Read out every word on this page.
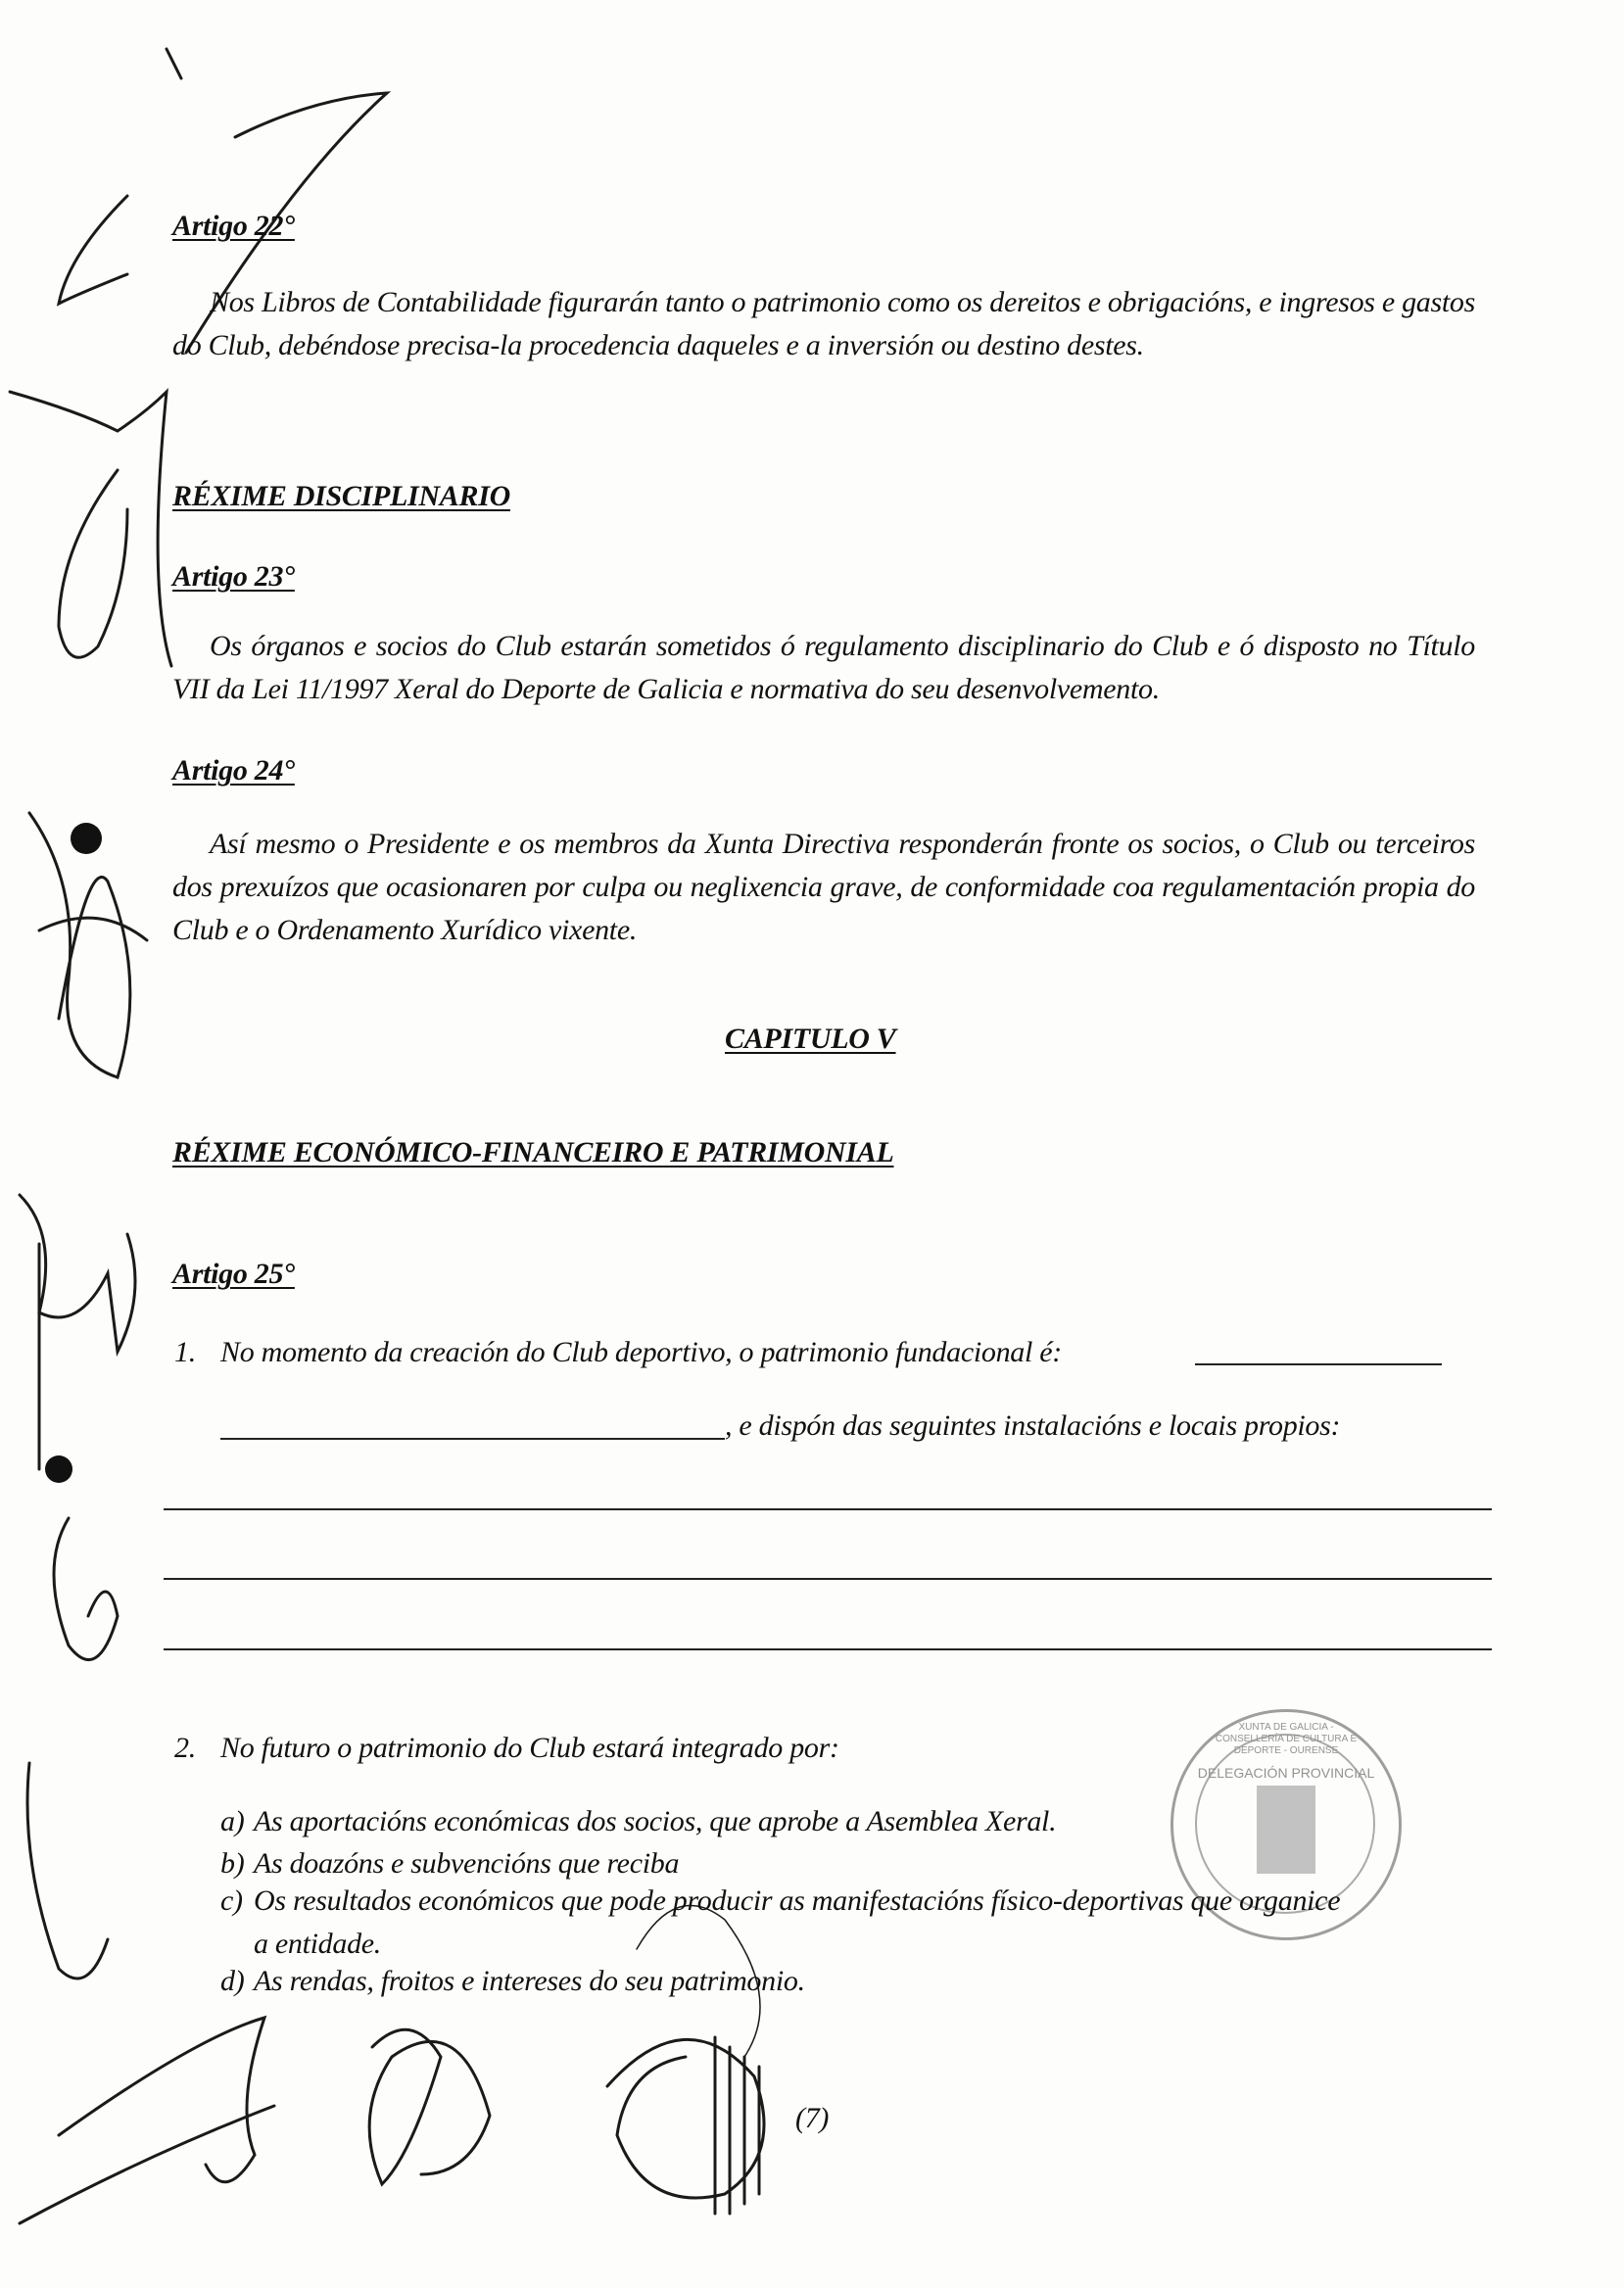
XUNTA DE GALICIA - CONSELLERÍA DE CULTURA E DEPORTE - OURENSE
DELEGACIÓN PROVINCIAL
Artigo 22°
Nos Libros de Contabilidade figurarán tanto o patrimonio como os dereitos e obrigacións, e ingresos e gastos do Club, debéndose precisa-la procedencia daqueles e a inversión ou destino destes.
RÉXIME DISCIPLINARIO
Artigo 23°
Os órganos e socios do Club estarán sometidos ó regulamento disciplinario do Club e ó disposto no Título VII da Lei 11/1997 Xeral do Deporte de Galicia e normativa do seu desenvolvemento.
Artigo 24°
Así mesmo o Presidente e os membros da Xunta Directiva responderán fronte os socios, o Club ou terceiros dos prexuízos que ocasionaren por culpa ou neglixencia grave, de conformidade coa regulamentación propia do Club e o Ordenamento Xurídico vixente.
CAPITULO V
RÉXIME ECONÓMICO-FINANCEIRO E PATRIMONIAL
Artigo 25°
1. No momento da creación do Club deportivo, o patrimonio fundacional é:
, e dispón das seguintes instalacións e locais propios:
2. No futuro o patrimonio do Club estará integrado por:
a) As aportacións económicas dos socios, que aprobe a Asemblea Xeral.
b) As doazóns e subvencións que reciba
c) Os resultados económicos que pode producir as manifestacións físico-deportivas que organice
a entidade.
d) As rendas, froitos e intereses do seu patrimonio.
(7)
